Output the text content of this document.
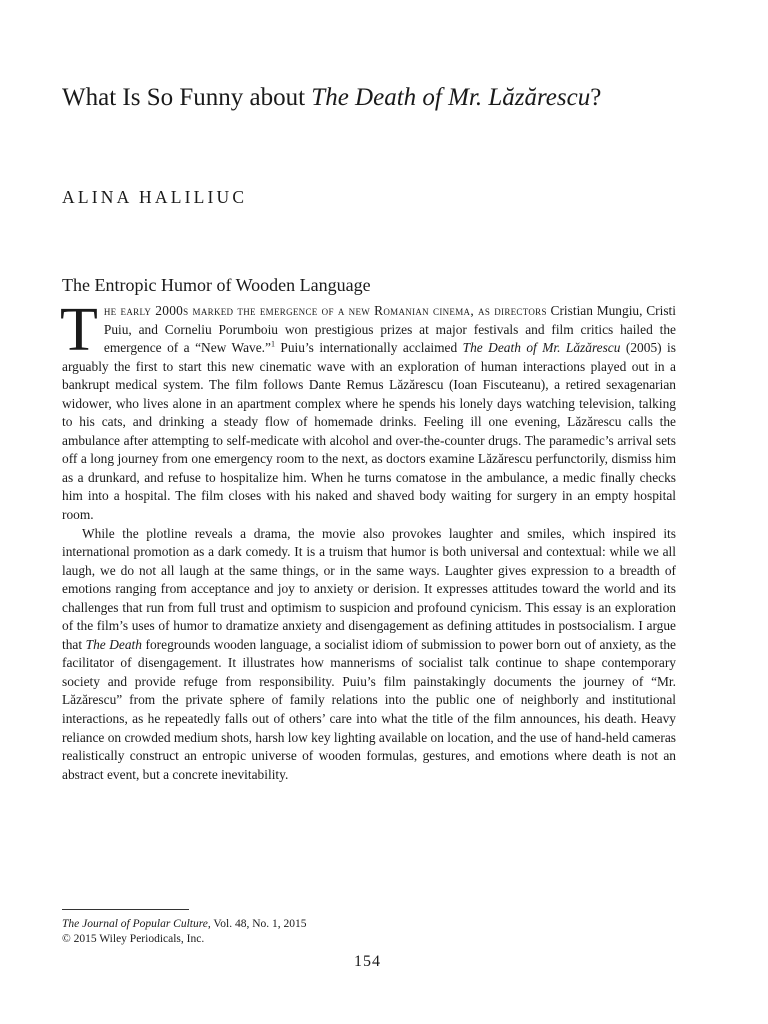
What Is So Funny about The Death of Mr. Lăzărescu?
ALINA HALILIUC
The Entropic Humor of Wooden Language

The early 2000s marked the emergence of a new Romanian cinema, as directors Cristian Mungiu, Cristi Puiu, and Corneliu Porumboiu won prestigious prizes at major festivals and film critics hailed the emergence of a “New Wave.”$^1$ Puiu’s internationally acclaimed The Death of Mr. Lăzărescu (2005) is arguably the first to start this new cinematic wave with an exploration of human interactions played out in a bankrupt medical system. The film follows Dante Remus Lăzărescu (Ioan Fiscuteanu), a retired sexagenarian widower, who lives alone in an apartment complex where he spends his lonely days watching television, talking to his cats, and drinking a steady flow of homemade drinks. Feeling ill one evening, Lăzărescu calls the ambulance after attempting to self-medicate with alcohol and over-the-counter drugs. The paramedic’s arrival sets off a long journey from one emergency room to the next, as doctors examine Lăzărescu perfunctorily, dismiss him as a drunkard, and refuse to hospitalize him. When he turns comatose in the ambulance, a medic finally checks him into a hospital. The film closes with his naked and shaved body waiting for surgery in an empty hospital room.

While the plotline reveals a drama, the movie also provokes laughter and smiles, which inspired its international promotion as a dark comedy. It is a truism that humor is both universal and contextual: while we all laugh, we do not all laugh at the same things, or in the same ways. Laughter gives expression to a breadth of emotions ranging from acceptance and joy to anxiety or derision. It expresses attitudes toward the world and its challenges that run from full trust and optimism to suspicion and profound cynicism. This essay is an exploration of the film’s uses of humor to dramatize anxiety and disengagement as defining attitudes in postsocialism. I argue that The Death foregrounds wooden language, a socialist idiom of submission to power born out of anxiety, as the facilitator of disengagement. It illustrates how mannerisms of socialist talk continue to shape contemporary society and provide refuge from responsibility. Puiu’s film painstakingly documents the journey of “Mr. Lăzărescu” from the private sphere of family relations into the public one of neighborly and institutional interactions, as he repeatedly falls out of others’ care into what the title of the film announces, his death. Heavy reliance on crowded medium shots, harsh low key lighting available on location, and the use of hand-held cameras realistically construct an entropic universe of wooden formulas, gestures, and emotions where death is not an abstract event, but a concrete inevitability.

The Journal of Popular Culture, Vol. 48, No. 1, 2015
© 2015 Wiley Periodicals, Inc.
154
